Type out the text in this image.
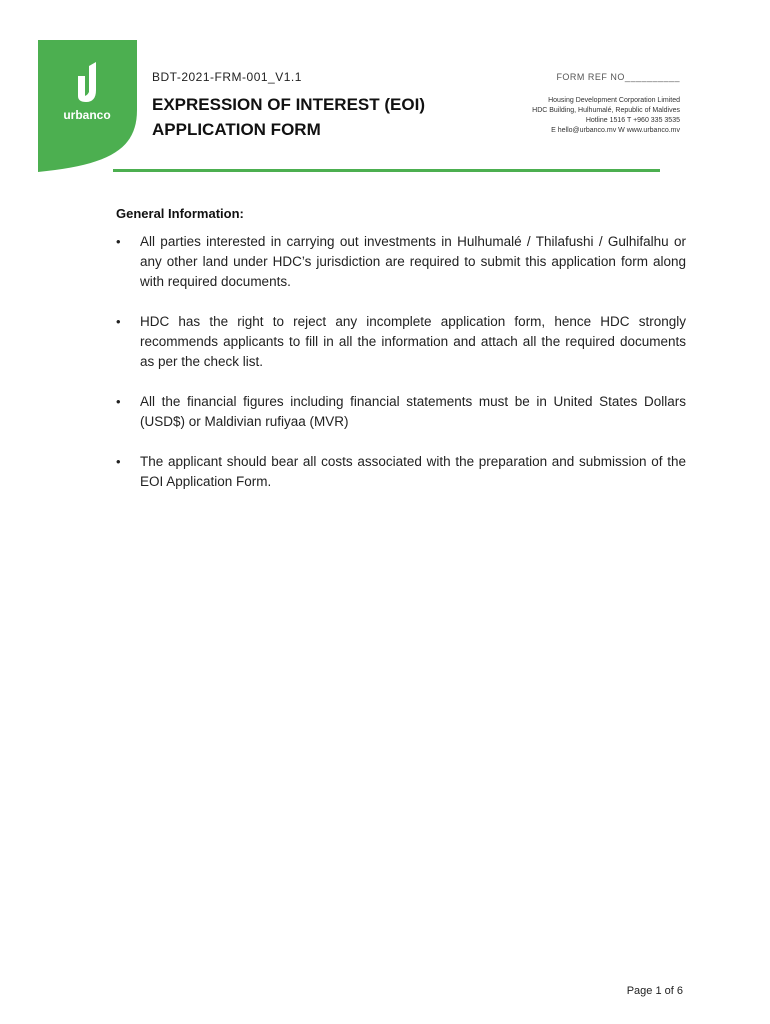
urbanco
BDT-2021-FRM-001_V1.1
EXPRESSION OF INTEREST (EOI)
APPLICATION FORM
FORM REF NO__________
Housing Development Corporation Limited
HDC Building, Hulhumalé, Republic of Maldives
Hotline 1516 T +960 335 3535
E hello@urbanco.mv W www.urbanco.mv
General Information:
• All parties interested in carrying out investments in Hulhumalé / Thilafushi / Gulhifalhu or any other land under HDC’s jurisdiction are required to submit this application form along with required documents.
• HDC has the right to reject any incomplete application form, hence HDC strongly recommends applicants to fill in all the information and attach all the required documents as per the check list.
• All the financial figures including financial statements must be in United States Dollars (USD$) or Maldivian rufiyaa (MVR)
• The applicant should bear all costs associated with the preparation and submission of the EOI Application Form.
Page 1 of 6
